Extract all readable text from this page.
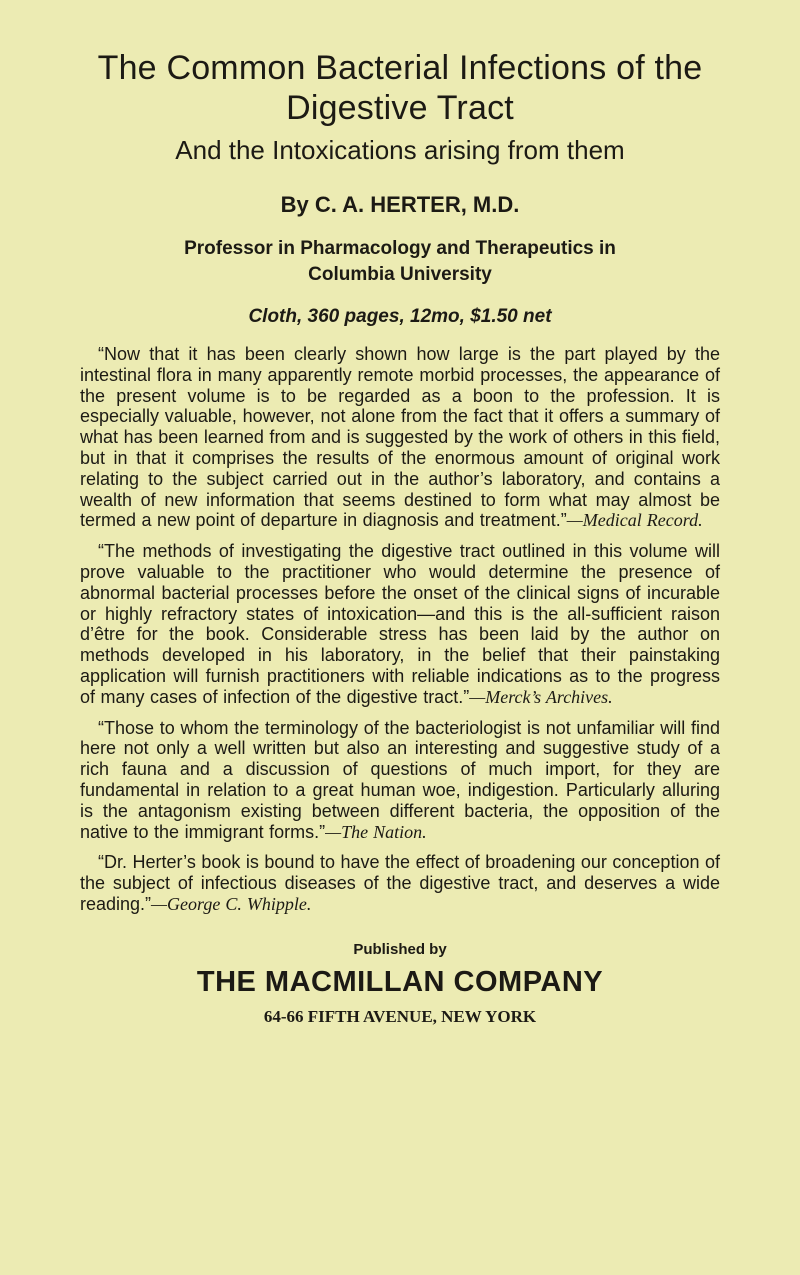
The Common Bacterial Infections of the Digestive Tract
And the Intoxications arising from them
By C. A. HERTER, M.D.
Professor in Pharmacology and Therapeutics in Columbia University
Cloth, 360 pages, 12mo, $1.50 net

“Now that it has been clearly shown how large is the part played by the intestinal flora in many apparently remote morbid processes, the appearance of the present volume is to be regarded as a boon to the profession. It is especially valuable, however, not alone from the fact that it offers a summary of what has been learned from and is suggested by the work of others in this field, but in that it comprises the results of the enormous amount of original work relating to the subject carried out in the author’s laboratory, and contains a wealth of new information that seems destined to form what may almost be termed a new point of departure in diagnosis and treatment.”—Medical Record.

“The methods of investigating the digestive tract outlined in this volume will prove valuable to the practitioner who would determine the presence of abnormal bacterial processes before the onset of the clinical signs of incurable or highly refractory states of intoxication—and this is the all-sufficient raison d’être for the book. Considerable stress has been laid by the author on methods developed in his laboratory, in the belief that their painstaking application will furnish practitioners with reliable indications as to the progress of many cases of infection of the digestive tract.”—Merck’s Archives.

“Those to whom the terminology of the bacteriologist is not unfamiliar will find here not only a well written but also an interesting and suggestive study of a rich fauna and a discussion of questions of much import, for they are fundamental in relation to a great human woe, indigestion. Particularly alluring is the antagonism existing between different bacteria, the opposition of the native to the immigrant forms.”—The Nation.

“Dr. Herter’s book is bound to have the effect of broadening our conception of the subject of infectious diseases of the digestive tract, and deserves a wide reading.”—George C. Whipple.

Published by
THE MACMILLAN COMPANY
64-66 FIFTH AVENUE, NEW YORK
